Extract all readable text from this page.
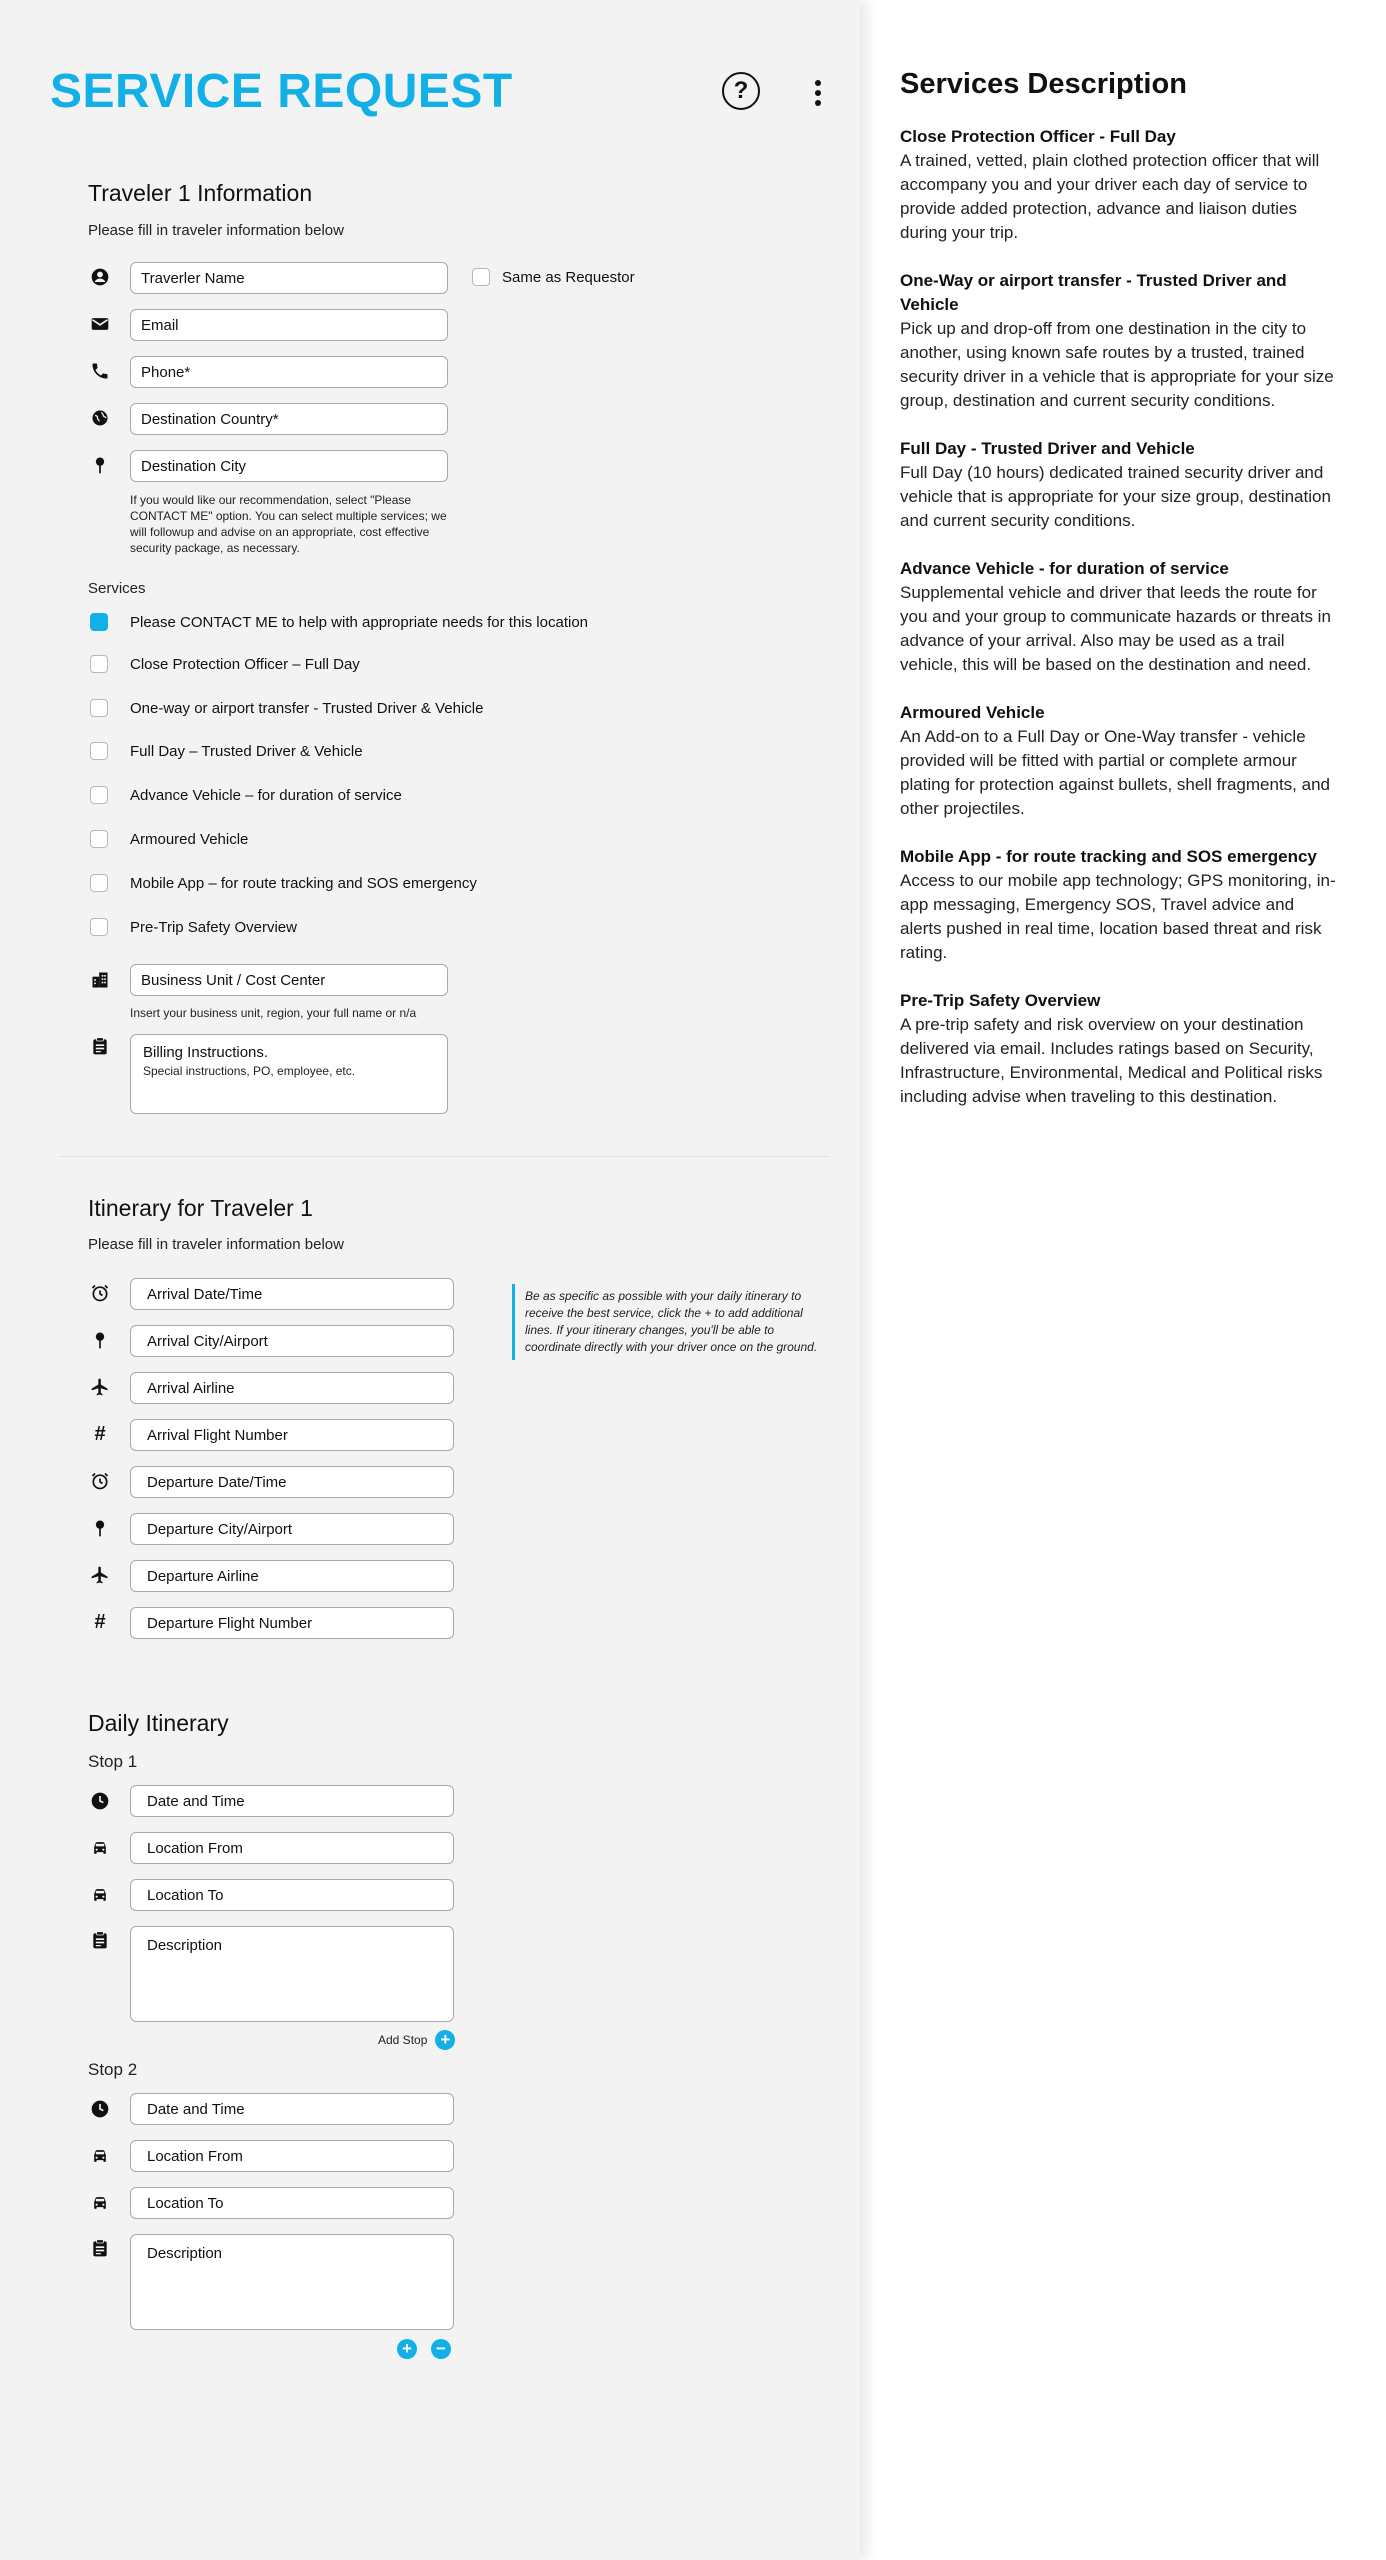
SERVICE REQUEST	?
Traveler 1 Information
Please fill in traveler information below
Traverler Name
Same as Requestor
Email
Phone*
Destination Country*
Destination City
If you would like our recommendation, select "Please CONTACT ME" option. You can select multiple services; we will followup and advise on an appropriate, cost effective security package, as necessary.
Services
Please CONTACT ME to help with appropriate needs for this location
Close Protection Officer – Full Day
One-way or airport transfer - Trusted Driver & Vehicle
Full Day – Trusted Driver & Vehicle
Advance Vehicle – for duration of service
Armoured Vehicle
Mobile App – for route tracking and SOS emergency
Pre-Trip Safety Overview
Business Unit / Cost Center
Insert your business unit, region, your full name or n/a
Billing Instructions.
Special instructions, PO, employee, etc.
Itinerary for Traveler 1
Please fill in traveler information below
Be as specific as possible with your daily itinerary to receive the best service, click the + to add additional lines. If your itinerary changes, you'll be able to coordinate directly with your driver once on the ground.
Arrival Date/Time
Arrival City/Airport
Arrival Airline
#
Arrival Flight Number
Departure Date/Time
Departure City/Airport
Departure Airline
#
Departure Flight Number
Daily Itinerary
Stop 1
Date and Time
Location From
Location To
Description
Add Stop +
Stop 2
Date and Time
Location From
Location To
Description
+ −
Services Description
Close Protection Officer - Full Day

A trained, vetted, plain clothed protection officer that will accompany you and your driver each day of service to provide added protection, advance and liaison duties during your trip.

One-Way or airport transfer - Trusted Driver and Vehicle

Pick up and drop-off from one destination in the city to another, using known safe routes by a trusted, trained security driver in a vehicle that is appropriate for your size group, destination and current security conditions.

Full Day - Trusted Driver and Vehicle

Full Day (10 hours) dedicated trained security driver and vehicle that is appropriate for your size group, destination and current security conditions.

Advance Vehicle - for duration of service

Supplemental vehicle and driver that leeds the route for you and your group to communicate hazards or threats in advance of your arrival. Also may be used as a trail vehicle, this will be based on the destination and need.

Armoured Vehicle

An Add-on to a Full Day or One-Way transfer - vehicle provided will be fitted with partial or complete armour plating for protection against bullets, shell fragments, and other projectiles.

Mobile App - for route tracking and SOS emergency

Access to our mobile app technology; GPS monitoring, in-app messaging, Emergency SOS, Travel advice and alerts pushed in real time, location based threat and risk rating.

Pre-Trip Safety Overview

A pre-trip safety and risk overview on your destination delivered via email. Includes ratings based on Security, Infrastructure, Environmental, Medical and Political risks including advise when traveling to this destination.
